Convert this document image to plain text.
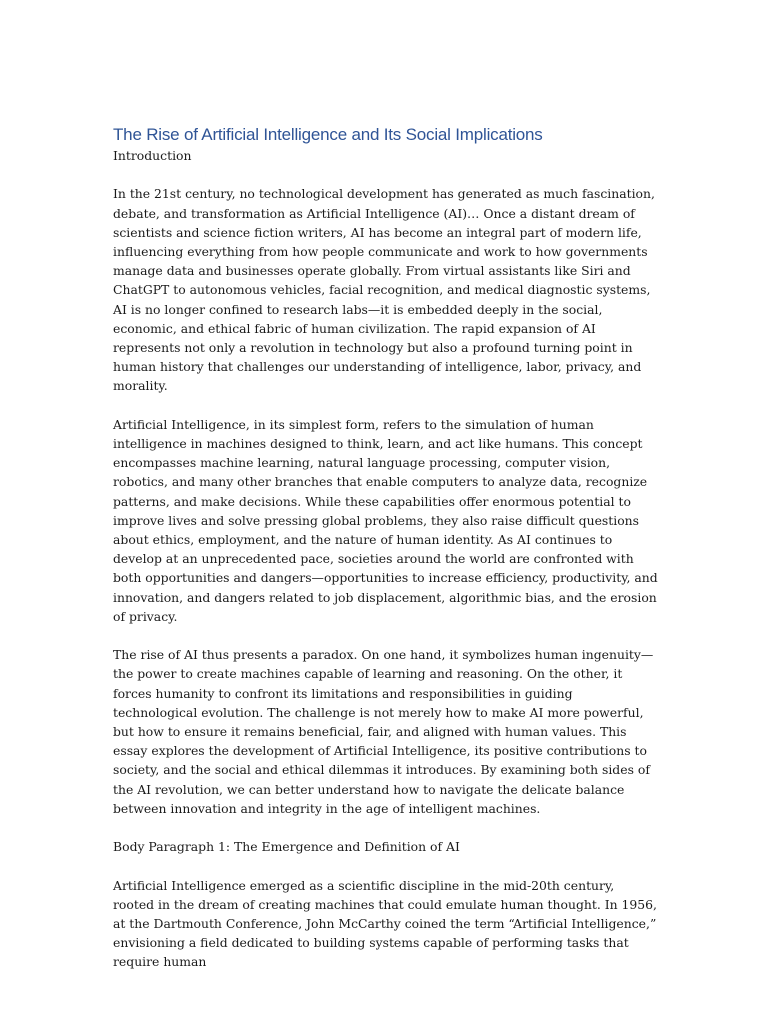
The Rise of Artificial Intelligence and Its Social Implications

Introduction

In the 21st century, no technological development has generated as much fascination, debate, and transformation as Artificial Intelligence (AI)… Once a distant dream of scientists and science fiction writers, AI has become an integral part of modern life, influencing everything from how people communicate and work to how governments manage data and businesses operate globally. From virtual assistants like Siri and ChatGPT to autonomous vehicles, facial recognition, and medical diagnostic systems, AI is no longer confined to research labs—it is embedded deeply in the social, economic, and ethical fabric of human civilization. The rapid expansion of AI represents not only a revolution in technology but also a profound turning point in human history that challenges our understanding of intelligence, labor, privacy, and morality.

Artificial Intelligence, in its simplest form, refers to the simulation of human intelligence in machines designed to think, learn, and act like humans. This concept encompasses machine learning, natural language processing, computer vision, robotics, and many other branches that enable computers to analyze data, recognize patterns, and make decisions. While these capabilities offer enormous potential to improve lives and solve pressing global problems, they also raise difficult questions about ethics, employment, and the nature of human identity. As AI continues to develop at an unprecedented pace, societies around the world are confronted with both opportunities and dangers—opportunities to increase efficiency, productivity, and innovation, and dangers related to job displacement, algorithmic bias, and the erosion of privacy.

The rise of AI thus presents a paradox. On one hand, it symbolizes human ingenuity—the power to create machines capable of learning and reasoning. On the other, it forces humanity to confront its limitations and responsibilities in guiding technological evolution. The challenge is not merely how to make AI more powerful, but how to ensure it remains beneficial, fair, and aligned with human values. This essay explores the development of Artificial Intelligence, its positive contributions to society, and the social and ethical dilemmas it introduces. By examining both sides of the AI revolution, we can better understand how to navigate the delicate balance between innovation and integrity in the age of intelligent machines.

Body Paragraph 1: The Emergence and Definition of AI

Artificial Intelligence emerged as a scientific discipline in the mid-20th century, rooted in the dream of creating machines that could emulate human thought. In 1956, at the Dartmouth Conference, John McCarthy coined the term “Artificial Intelligence,” envisioning a field dedicated to building systems capable of performing tasks that require human
